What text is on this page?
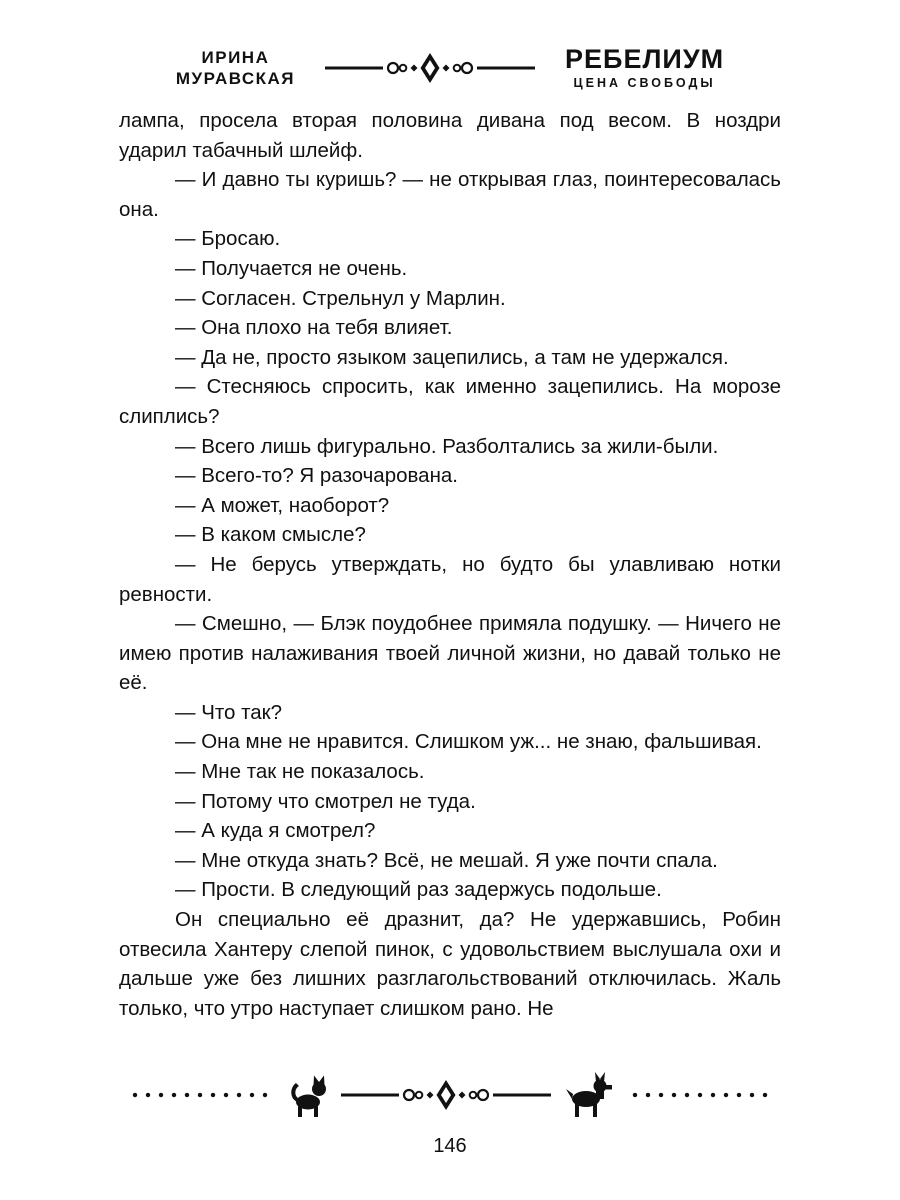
ИРИНА
МУРАВСКАЯ
РЕБЕЛИУМ
ЦЕНА СВОБОДЫ

лампа, просела вторая половина дивана под весом. В ноздри ударил табачный шлейф.

— И давно ты куришь? — не открывая глаз, поинтересовалась она.

— Бросаю.

— Получается не очень.

— Согласен. Стрельнул у Марлин.

— Она плохо на тебя влияет.

— Да не, просто языком зацепились, а там не удержался.

— Стесняюсь спросить, как именно зацепились. На морозе слиплись?

— Всего лишь фигурально. Разболтались за жили-были.

— Всего-то? Я разочарована.

— А может, наоборот?

— В каком смысле?

— Не берусь утверждать, но будто бы улавливаю нотки ревности.

— Смешно, — Блэк поудобнее примяла подушку. — Ничего не имею против налаживания твоей личной жизни, но давай только не её.

— Что так?

— Она мне не нравится. Слишком уж... не знаю, фальшивая.

— Мне так не показалось.

— Потому что смотрел не туда.

— А куда я смотрел?

— Мне откуда знать? Всё, не мешай. Я уже почти спала.

— Прости. В следующий раз задержусь подольше.

Он специально её дразнит, да? Не удержавшись, Робин отвесила Хантеру слепой пинок, с удовольствием выслушала охи и дальше уже без лишних разглагольствований отключилась. Жаль только, что утро наступает слишком рано. Не

146
